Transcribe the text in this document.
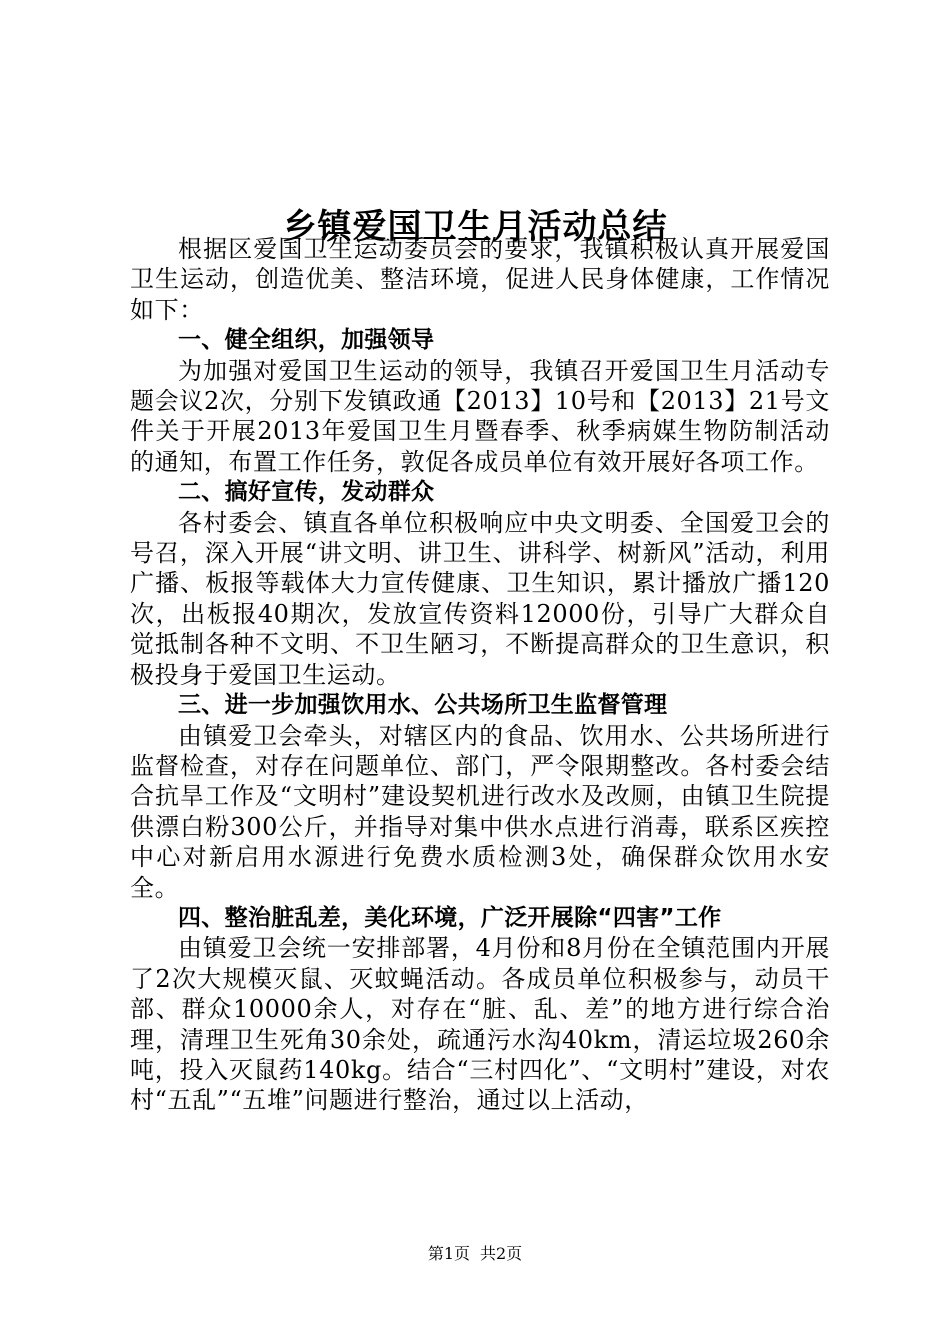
乡镇爱国卫生月活动总结

根据区爱国卫生运动委员会的要求，我镇积极认真开展爱国卫生运动，创造优美、整洁环境，促进人民身体健康，工作情况如下：

一、健全组织，加强领导

为加强对爱国卫生运动的领导，我镇召开爱国卫生月活动专题会议2次，分别下发镇政通【2013】10号和【2013】21号文件关于开展2013年爱国卫生月暨春季、秋季病媒生物防制活动的通知，布置工作任务，敦促各成员单位有效开展好各项工作。

二、搞好宣传，发动群众

各村委会、镇直各单位积极响应中央文明委、全国爱卫会的号召，深入开展“讲文明、讲卫生、讲科学、树新风”活动，利用广播、板报等载体大力宣传健康、卫生知识，累计播放广播120次，出板报40期次，发放宣传资料12000份，引导广大群众自觉抵制各种不文明、不卫生陋习，不断提高群众的卫生意识，积极投身于爱国卫生运动。

三、进一步加强饮用水、公共场所卫生监督管理

由镇爱卫会牵头，对辖区内的食品、饮用水、公共场所进行监督检查，对存在问题单位、部门，严令限期整改。各村委会结合抗旱工作及“文明村”建设契机进行改水及改厕，由镇卫生院提供漂白粉300公斤，并指导对集中供水点进行消毒，联系区疾控中心对新启用水源进行免费水质检测3处，确保群众饮用水安全。

四、整治脏乱差，美化环境，广泛开展除“四害”工作

由镇爱卫会统一安排部署，4月份和8月份在全镇范围内开展了2次大规模灭鼠、灭蚊蝇活动。各成员单位积极参与，动员干部、群众10000余人，对存在“脏、乱、差”的地方进行综合治理，清理卫生死角30余处，疏通污水沟40km，清运垃圾260余吨，投入灭鼠药140kg。结合“三村四化”、“文明村”建设，对农村“五乱”“五堆”问题进行整治，通过以上活动，

第1页 共2页
